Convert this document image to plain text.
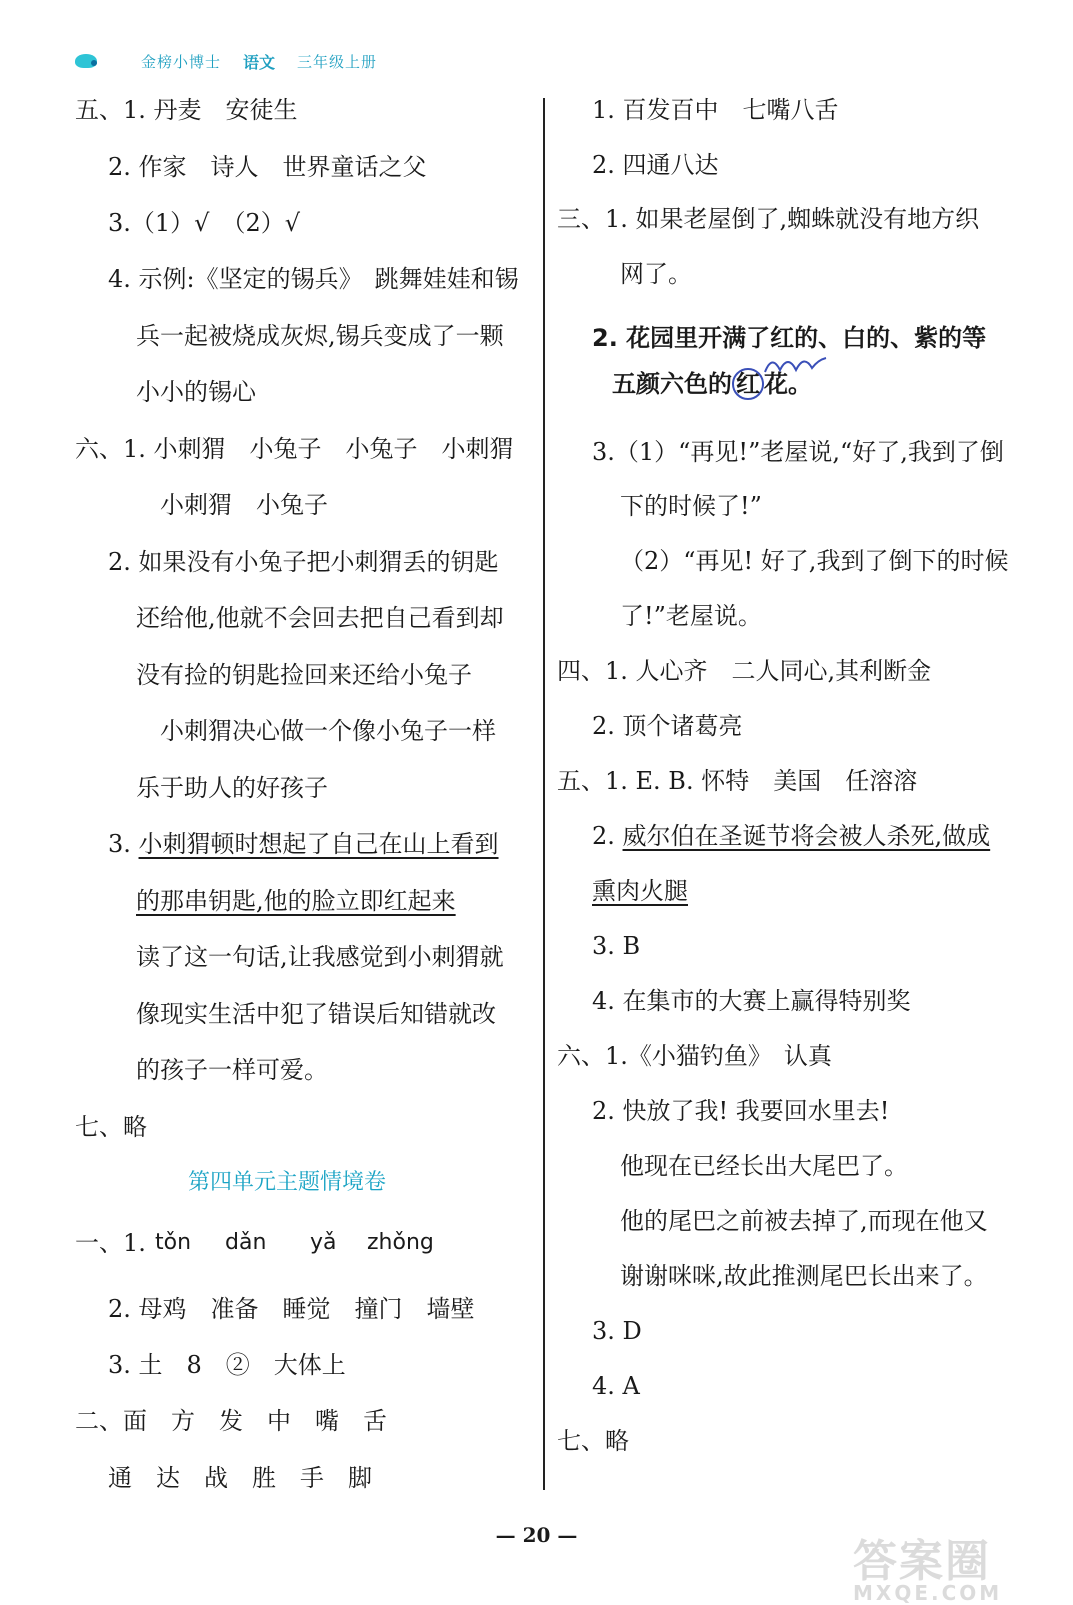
金榜小博士 语文 三年级上册
五、1. 丹麦　安徒生
2. 作家　诗人　世界童话之父
3.（1）√　（2）√
4. 示例:《坚定的锡兵》　跳舞娃娃和锡
兵一起被烧成灰烬,锡兵变成了一颗
小小的锡心
六、1. 小刺猬　小兔子　小兔子　小刺猬
小刺猬　小兔子
2. 如果没有小兔子把小刺猬丢的钥匙
还给他,他就不会回去把自己看到却
没有捡的钥匙捡回来还给小兔子
小刺猬决心做一个像小兔子一样
乐于助人的好孩子
3. 小刺猬顿时想起了自己在山上看到
的那串钥匙,他的脸立即红起来
读了这一句话,让我感觉到小刺猬就
像现实生活中犯了错误后知错就改
的孩子一样可爱。
七、略
第四单元主题情境卷
一、1. tǒn dǎn yǎ zhǒng
2. 母鸡　准备　睡觉　撞门　墙壁
3. 土　8　②　大体上
二、面　方　发　中　嘴　舌
通　达　战　胜　手　脚
1. 百发百中　七嘴八舌
2. 四通八达
三、1. 如果老屋倒了,蜘蛛就没有地方织
网了。
2. 花园里开满了红的、白的、紫的等
五颜六色的 红 花。
3.（1）“再见!”老屋说,“好了,我到了倒
下的时候了!”
（2）“再见! 好了,我到了倒下的时候
了!”老屋说。
四、1. 人心齐　二人同心,其利断金
2. 顶个诸葛亮
五、1. E. B. 怀特　美国　任溶溶
2. 威尔伯在圣诞节将会被人杀死,做成
熏肉火腿
3. B
4. 在集市的大赛上赢得特别奖
六、1.《小猫钓鱼》　认真
2. 快放了我! 我要回水里去!
他现在已经长出大尾巴了。
他的尾巴之前被去掉了,而现在他又
谢谢咪咪,故此推测尾巴长出来了。
3. D
4. A
七、略
— 20 —
答案圈
MXQE.COM
